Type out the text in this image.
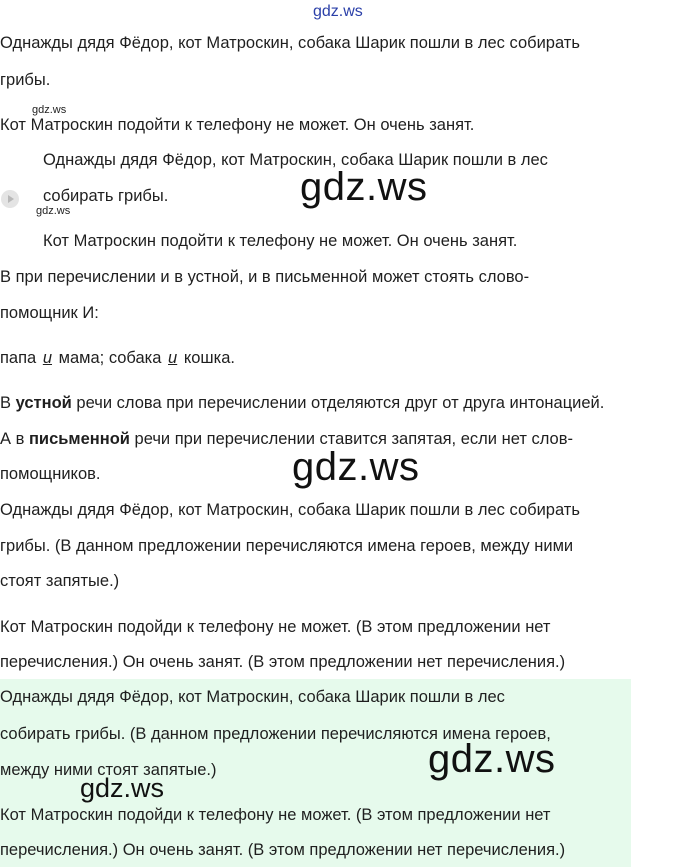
gdz.ws
Однажды дядя Фёдор, кот Матроскин, собака Шарик пошли в лес собирать
грибы.
gdz.ws
Кот Матроскин подойти к телефону не может. Он очень занят.
Однажды дядя Фёдор, кот Матроскин, собака Шарик пошли в лес
собирать грибы.
gdz.ws
gdz.ws
Кот Матроскин подойти к телефону не может. Он очень занят.
В при перечислении и в устной, и в письменной может стоять слово-
помощник И:
папа и мама; собака и кошка.
В устной речи слова при перечислении отделяются друг от друга интонацией.
А в письменной речи при перечислении ставится запятая, если нет слов-
помощников.	gdz.ws
Однажды дядя Фёдор, кот Матроскин, собака Шарик пошли в лес собирать
грибы. (В данном предложении перечисляются имена героев, между ними
стоят запятые.)
Кот Матроскин подойди к телефону не может. (В этом предложении нет
перечисления.) Он очень занят. (В этом предложении нет перечисления.)
Однажды дядя Фёдор, кот Матроскин, собака Шарик пошли в лес
собирать грибы. (В данном предложении перечисляются имена героев,
между ними стоят запятые.)	gdz.ws
gdz.ws
Кот Матроскин подойди к телефону не может. (В этом предложении нет
перечисления.) Он очень занят. (В этом предложении нет перечисления.)
